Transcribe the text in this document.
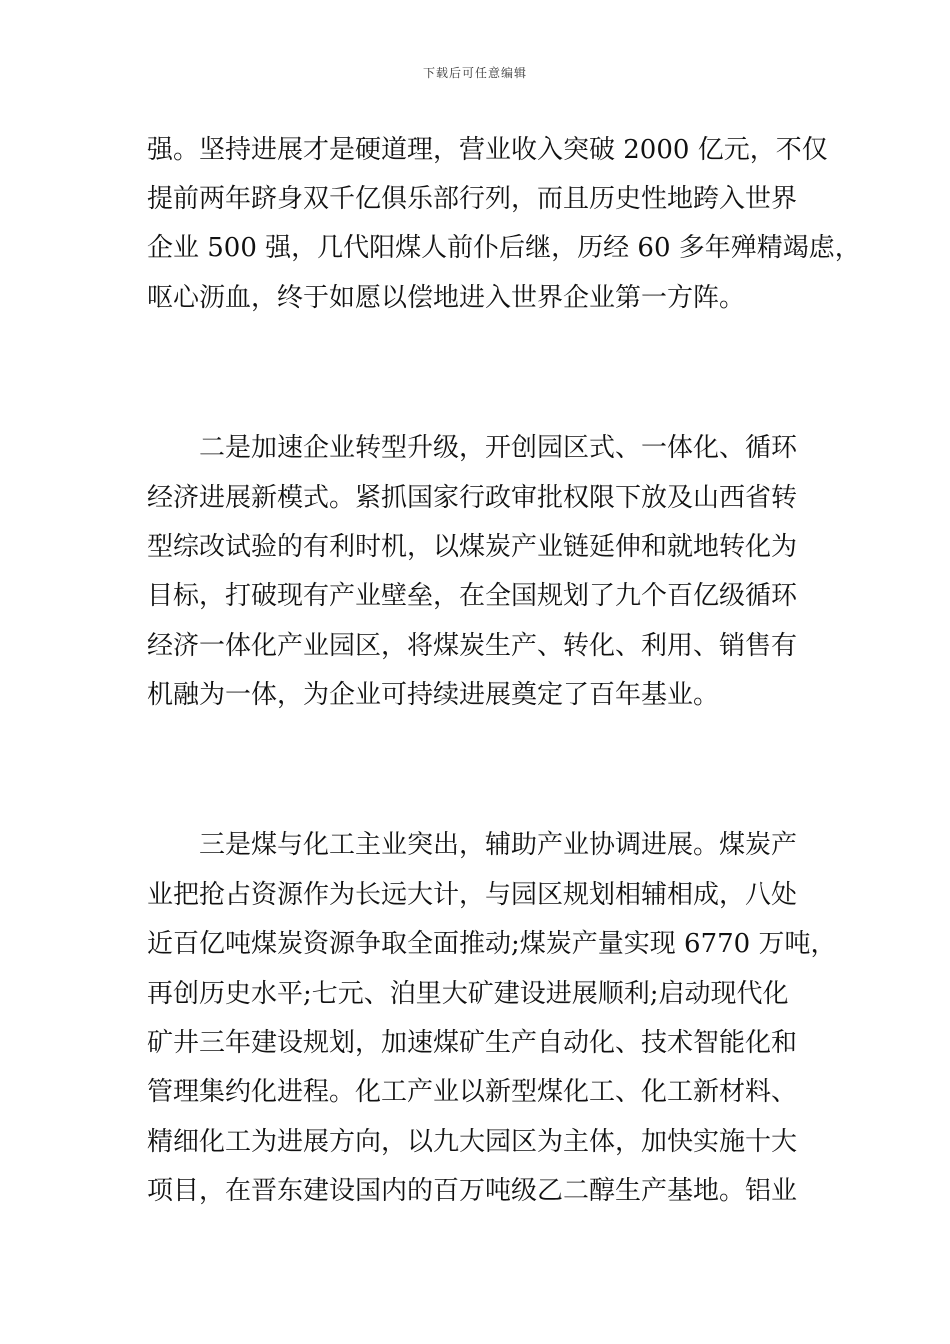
下载后可任意编辑
强。坚持进展才是硬道理，营业收入突破 2000 亿元，不仅
提前两年跻身双千亿俱乐部行列，而且历史性地跨入世界
企业 500 强，几代阳煤人前仆后继，历经 60 多年殚精竭虑，
呕心沥血，终于如愿以偿地进入世界企业第一方阵。
二是加速企业转型升级，开创园区式、一体化、循环
经济进展新模式。紧抓国家行政审批权限下放及山西省转
型综改试验的有利时机，以煤炭产业链延伸和就地转化为
目标，打破现有产业壁垒，在全国规划了九个百亿级循环
经济一体化产业园区，将煤炭生产、转化、利用、销售有
机融为一体，为企业可持续进展奠定了百年基业。
三是煤与化工主业突出，辅助产业协调进展。煤炭产
业把抢占资源作为长远大计，与园区规划相辅相成，八处
近百亿吨煤炭资源争取全面推动;煤炭产量实现 6770 万吨，
再创历史水平;七元、泊里大矿建设进展顺利;启动现代化
矿井三年建设规划，加速煤矿生产自动化、技术智能化和
管理集约化进程。化工产业以新型煤化工、化工新材料、
精细化工为进展方向，以九大园区为主体，加快实施十大
项目，在晋东建设国内的百万吨级乙二醇生产基地。铝业
